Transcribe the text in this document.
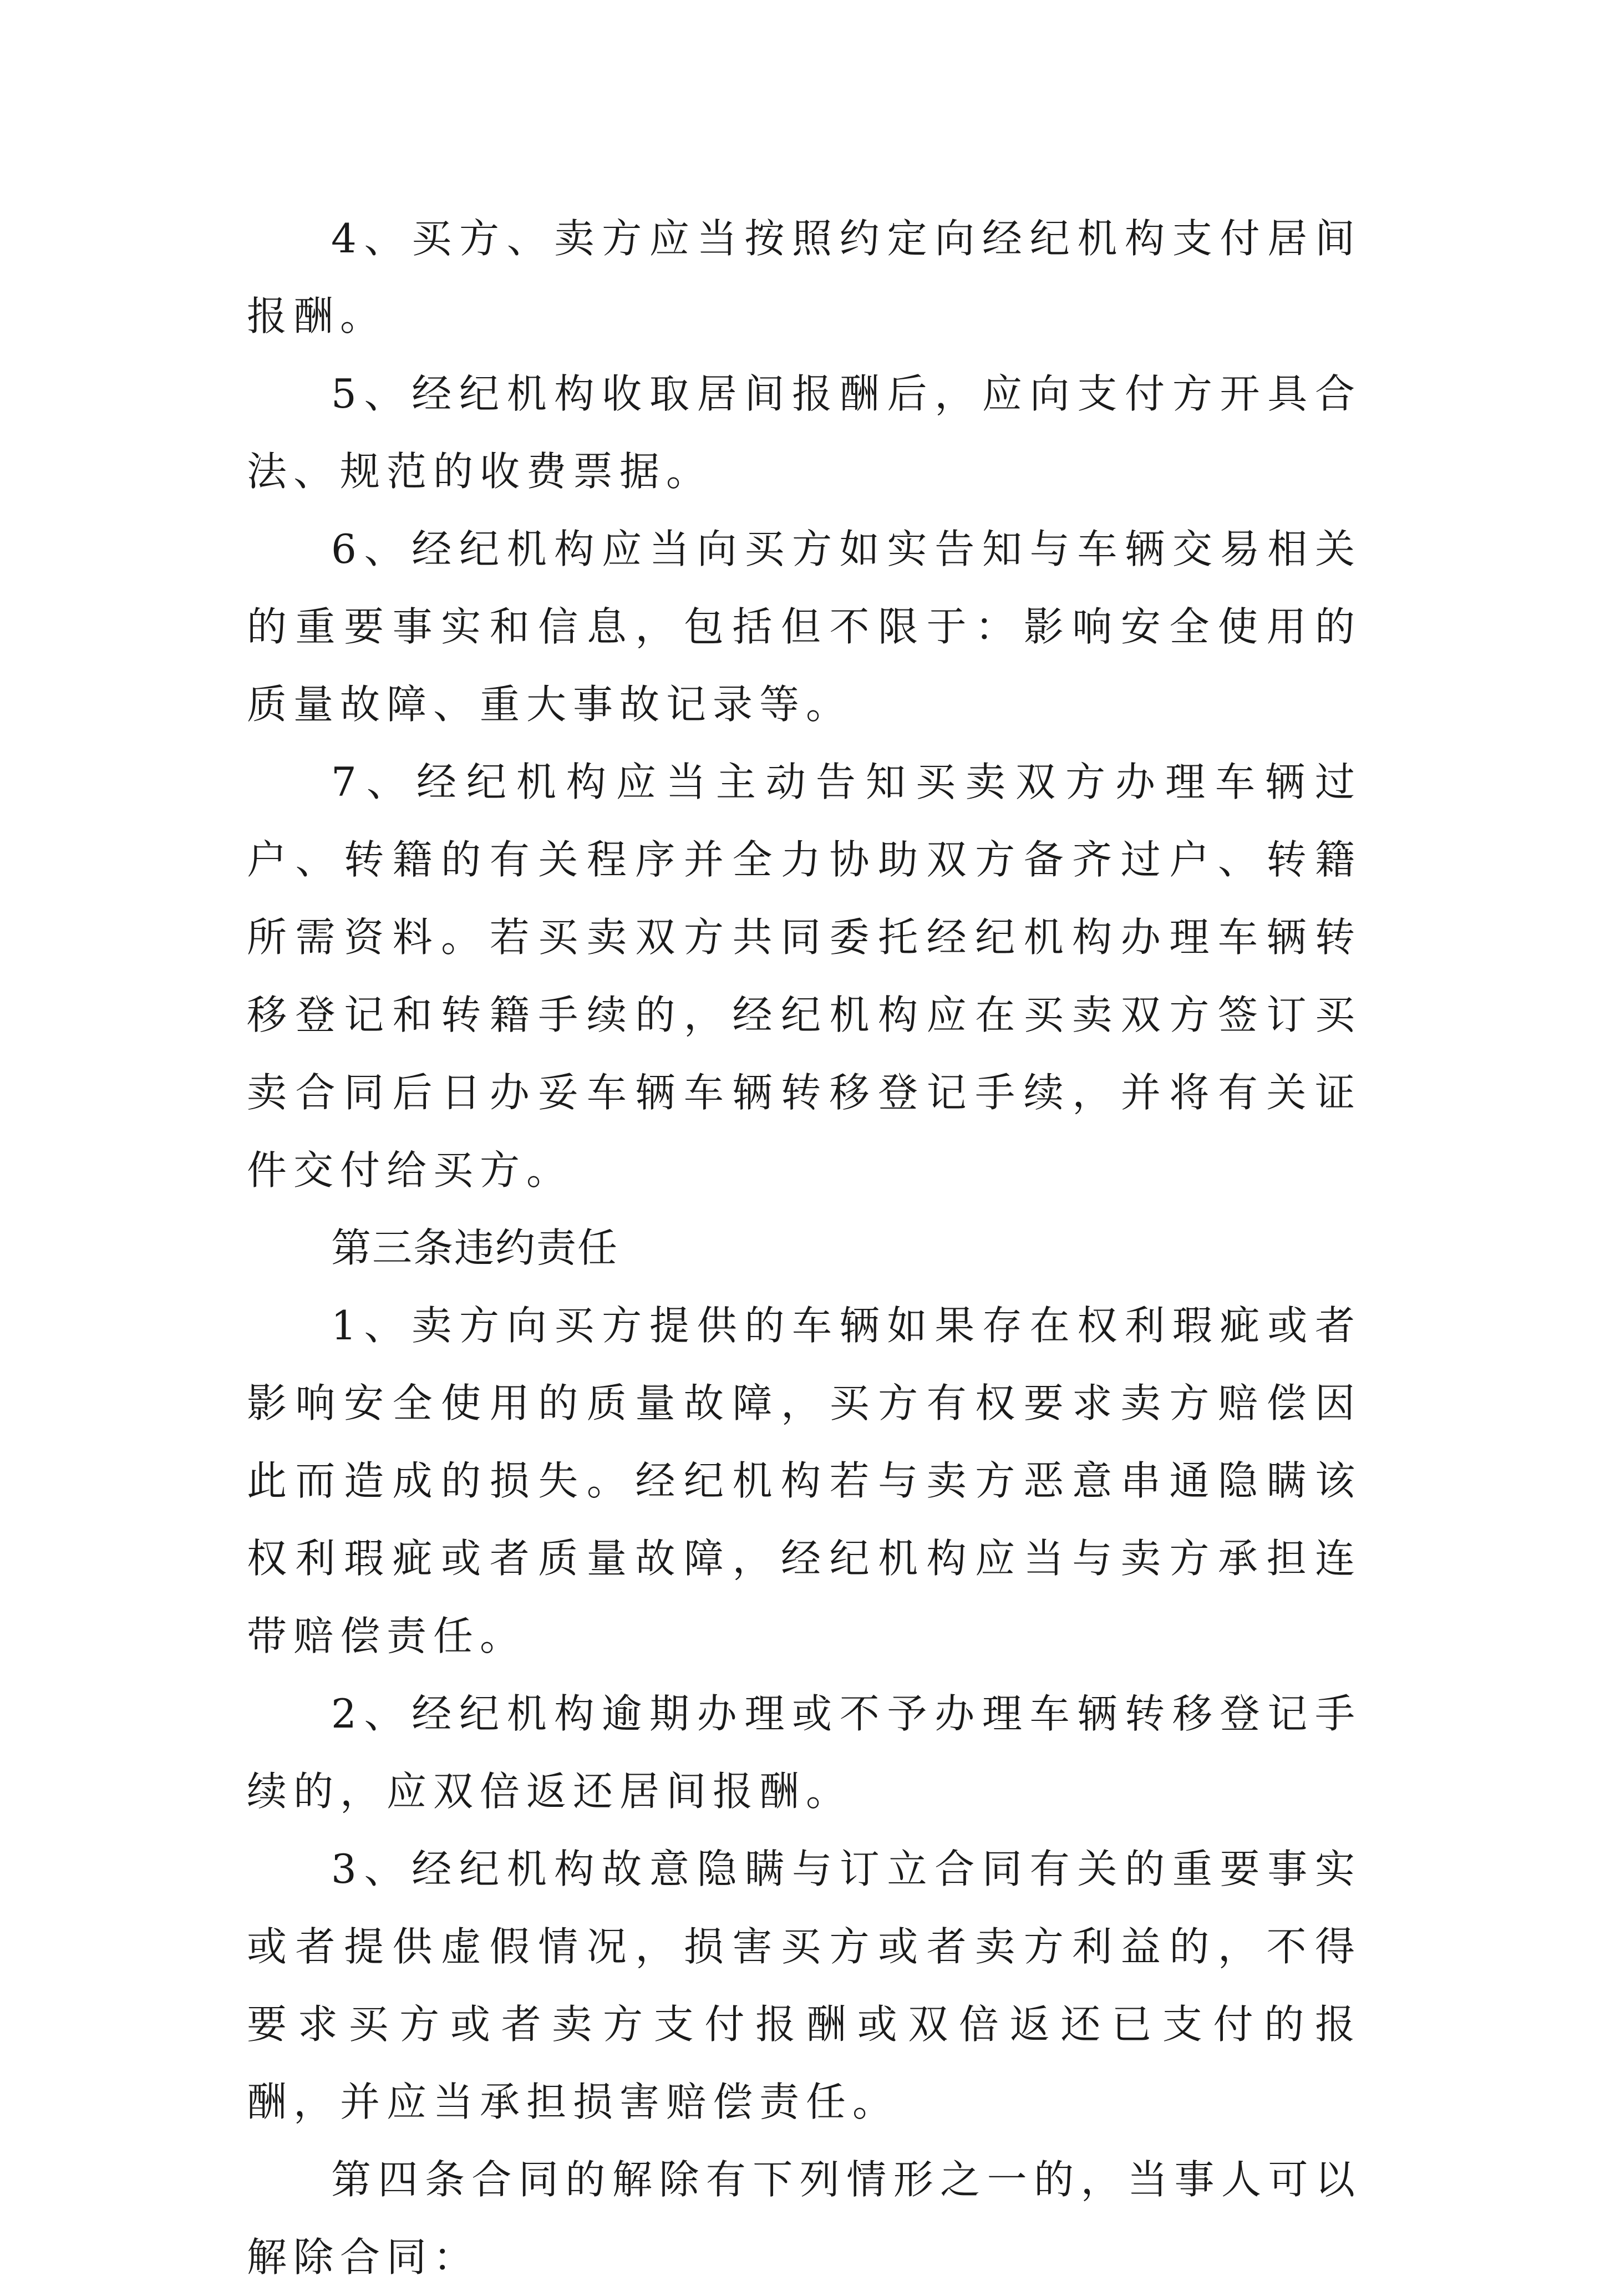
4、买方、卖方应当按照约定向经纪机构支付居间报酬。

5、经纪机构收取居间报酬后，应向支付方开具合法、规范的收费票据。

6、经纪机构应当向买方如实告知与车辆交易相关的重要事实和信息，包括但不限于：影响安全使用的质量故障、重大事故记录等。

7、经纪机构应当主动告知买卖双方办理车辆过户、转籍的有关程序并全力协助双方备齐过户、转籍所需资料。若买卖双方共同委托经纪机构办理车辆转移登记和转籍手续的，经纪机构应在买卖双方签订买卖合同后日办妥车辆车辆转移登记手续，并将有关证件交付给买方。

第三条违约责任

1、卖方向买方提供的车辆如果存在权利瑕疵或者影响安全使用的质量故障，买方有权要求卖方赔偿因此而造成的损失。经纪机构若与卖方恶意串通隐瞒该权利瑕疵或者质量故障，经纪机构应当与卖方承担连带赔偿责任。

2、经纪机构逾期办理或不予办理车辆转移登记手续的，应双倍返还居间报酬。

3、经纪机构故意隐瞒与订立合同有关的重要事实或者提供虚假情况，损害买方或者卖方利益的，不得要求买方或者卖方支付报酬或双倍返还已支付的报酬，并应当承担损害赔偿责任。

第四条合同的解除有下列情形之一的，当事人可以解除合同：
